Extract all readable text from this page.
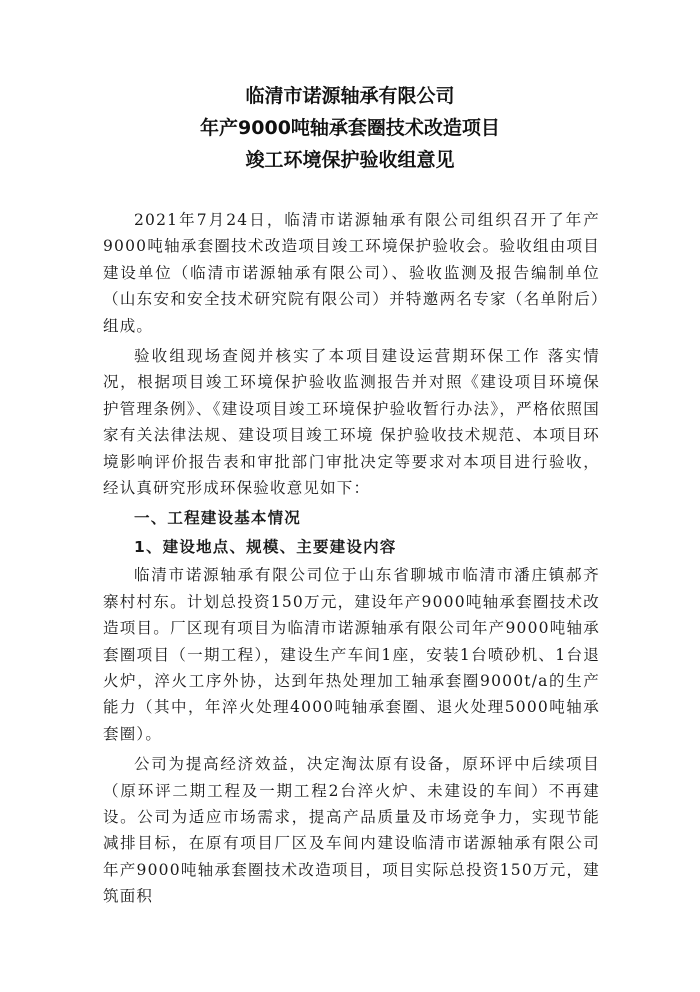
临清市诺源轴承有限公司
年产9000吨轴承套圈技术改造项目
竣工环境保护验收组意见

2021年7月24日，临清市诺源轴承有限公司组织召开了年产9000吨轴承套圈技术改造项目竣工环境保护验收会。验收组由项目建设单位（临清市诺源轴承有限公司）、验收监测及报告编制单位（山东安和安全技术研究院有限公司）并特邀两名专家（名单附后）组成。

验收组现场查阅并核实了本项目建设运营期环保工作 落实情况，根据项目竣工环境保护验收监测报告并对照《建设项目环境保护管理条例》、《建设项目竣工环境保护验收暂行办法》，严格依照国家有关法律法规、建设项目竣工环境 保护验收技术规范、本项目环境影响评价报告表和审批部门审批决定等要求对本项目进行验收，经认真研究形成环保验收意见如下：

一、工程建设基本情况
1、建设地点、规模、主要建设内容

临清市诺源轴承有限公司位于山东省聊城市临清市潘庄镇郝齐寨村村东。计划总投资150万元，建设年产9000吨轴承套圈技术改造项目。厂区现有项目为临清市诺源轴承有限公司年产9000吨轴承套圈项目（一期工程），建设生产车间1座，安装1台喷砂机、1台退火炉，淬火工序外协，达到年热处理加工轴承套圈9000t/a的生产能力（其中，年淬火处理4000吨轴承套圈、退火处理5000吨轴承套圈）。

公司为提高经济效益，决定淘汰原有设备，原环评中后续项目（原环评二期工程及一期工程2台淬火炉、未建设的车间）不再建设。公司为适应市场需求，提高产品质量及市场竞争力，实现节能减排目标，在原有项目厂区及车间内建设临清市诺源轴承有限公司年产9000吨轴承套圈技术改造项目，项目实际总投资150万元，建筑面积
